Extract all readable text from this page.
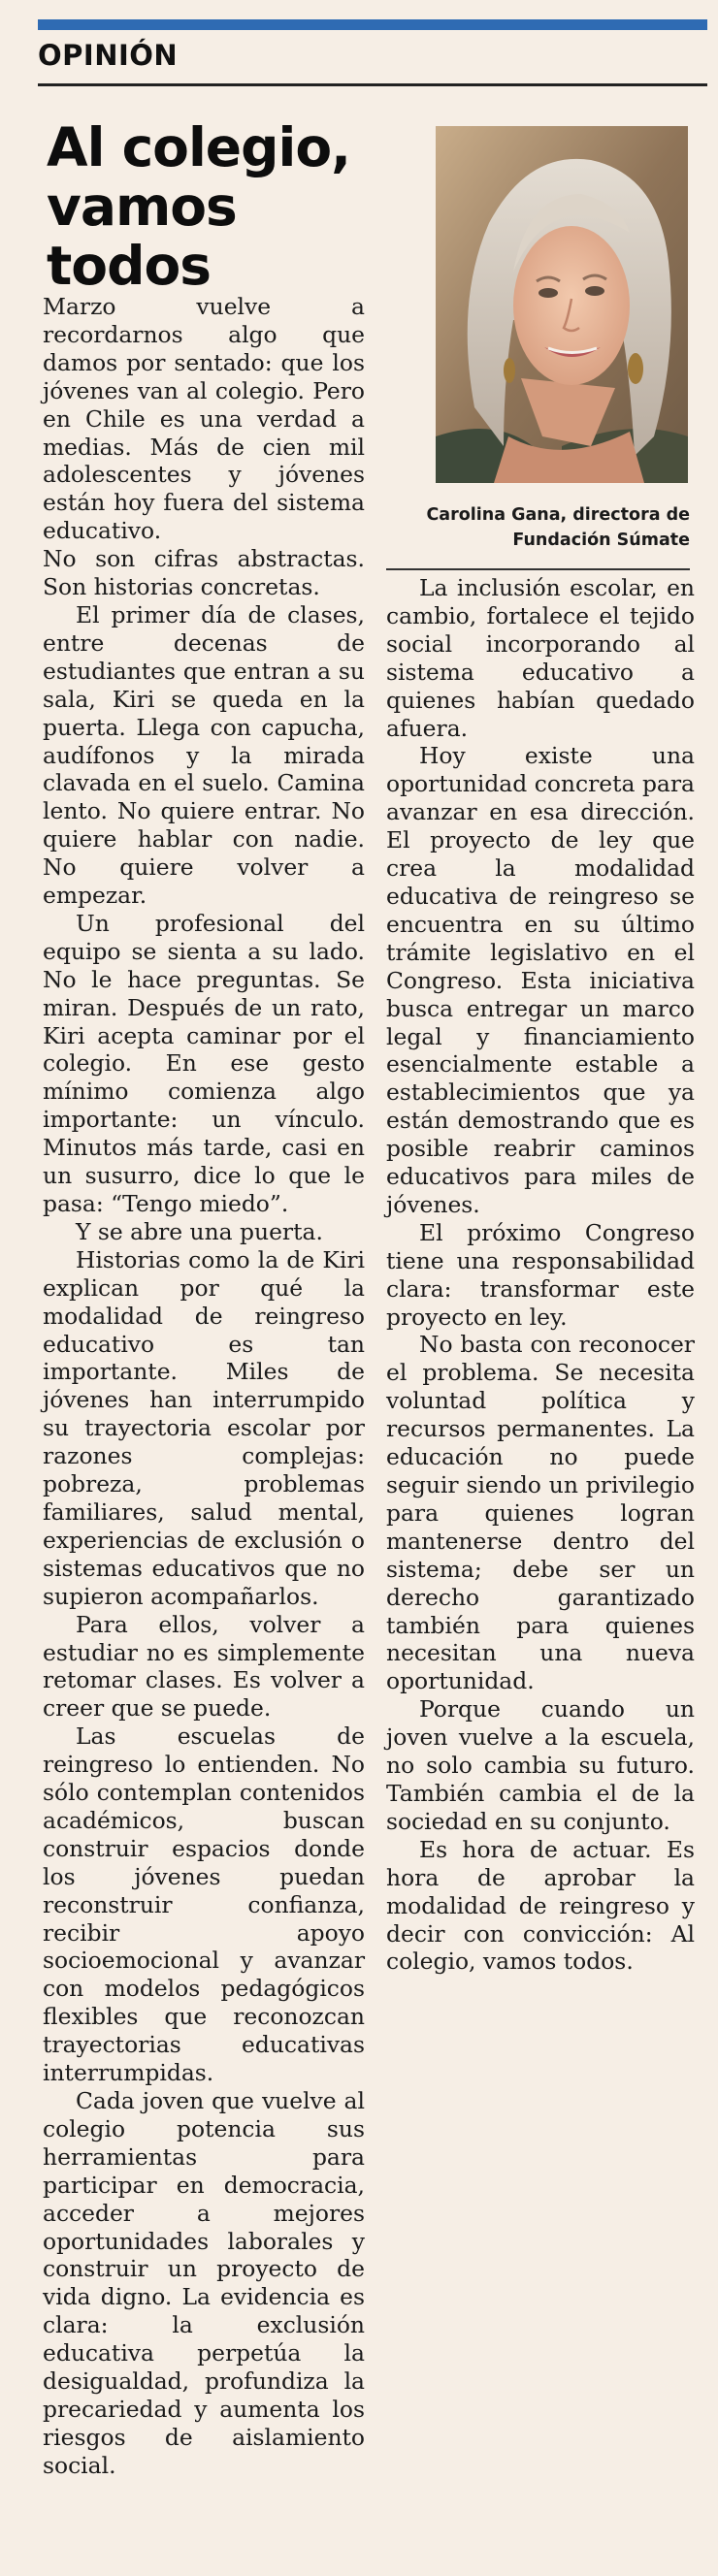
OPINIÓN
Al colegio,
vamos todos
Carolina Gana, directora de
Fundación Súmate

Marzo vuelve a recordarnos algo que damos por sentado: que los jóvenes van al colegio. Pero en Chile es una verdad a medias. Más de cien mil adolescentes y jóvenes están hoy fuera del sistema educativo.

No son cifras abstractas. Son historias concretas.

El primer día de clases, entre decenas de estudiantes que entran a su sala, Kiri se queda en la puerta. Llega con capucha, audífonos y la mirada clavada en el suelo. Camina lento. No quiere entrar. No quiere hablar con nadie. No quiere volver a empezar.

Un profesional del equipo se sienta a su lado. No le hace preguntas. Se miran. Después de un rato, Kiri acepta caminar por el colegio. En ese gesto mínimo comienza algo importante: un vínculo. Minutos más tarde, casi en un susurro, dice lo que le pasa: “Tengo miedo”.

Y se abre una puerta.

Historias como la de Kiri explican por qué la modalidad de reingreso educativo es tan importante. Miles de jóvenes han interrumpido su trayectoria escolar por razones complejas: pobreza, problemas familiares, salud mental, experiencias de exclusión o sistemas educativos que no supieron acompañarlos.

Para ellos, volver a estudiar no es simplemente retomar clases. Es volver a creer que se puede.

Las escuelas de reingreso lo entienden. No sólo contemplan contenidos académicos, buscan construir espacios donde los jóvenes puedan reconstruir confianza, recibir apoyo socioemocional y avanzar con modelos pedagógicos flexibles que reconozcan trayectorias educativas interrumpidas.

Cada joven que vuelve al colegio potencia sus herramientas para participar en democracia, acceder a mejores oportunidades laborales y construir un proyecto de vida digno. La evidencia es clara: la exclusión educativa perpetúa la desigualdad, profundiza la precariedad y aumenta los riesgos de aislamiento social.

La inclusión escolar, en cambio, fortalece el tejido social incorporando al sistema educativo a quienes habían quedado afuera.

Hoy existe una oportunidad concreta para avanzar en esa dirección. El proyecto de ley que crea la modalidad educativa de reingreso se encuentra en su último trámite legislativo en el Congreso. Esta iniciativa busca entregar un marco legal y financiamiento esencialmente estable a establecimientos que ya están demostrando que es posible reabrir caminos educativos para miles de jóvenes.

El próximo Congreso tiene una responsabilidad clara: transformar este proyecto en ley.

No basta con reconocer el problema. Se necesita voluntad política y recursos permanentes. La educación no puede seguir siendo un privilegio para quienes logran mantenerse dentro del sistema; debe ser un derecho garantizado también para quienes necesitan una nueva oportunidad.

Porque cuando un joven vuelve a la escuela, no solo cambia su futuro. También cambia el de la sociedad en su conjunto.

Es hora de actuar. Es hora de aprobar la modalidad de reingreso y decir con convicción: Al colegio, vamos todos.
